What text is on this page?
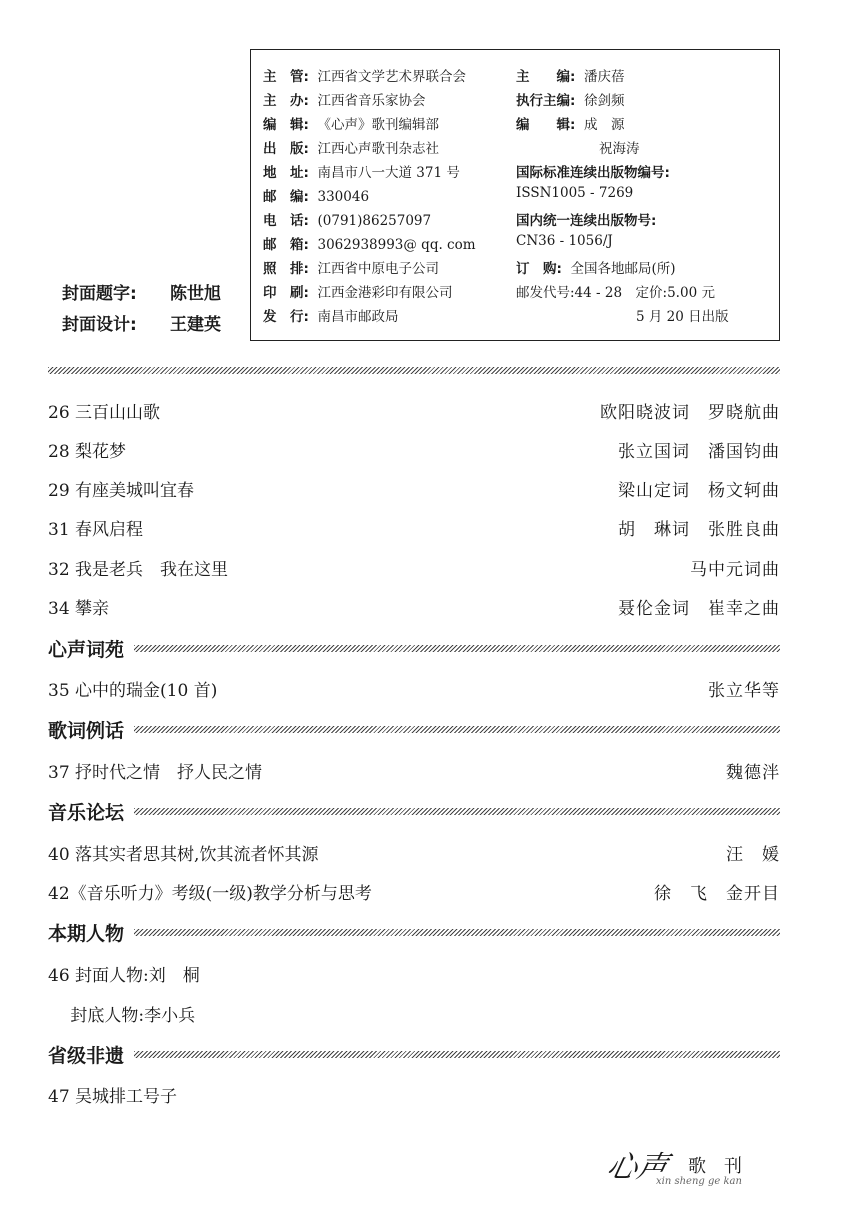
封面题字: 陈世旭
封面设计: 王建英
主　管: 江西省文学艺术界联合会
主　办: 江西省音乐家协会
编　辑: 《心声》歌刊编辑部
出　版: 江西心声歌刊杂志社
地　址: 南昌市八一大道 371 号
邮　编: 330046
电　话: (0791)86257097
邮　箱: 3062938993@ qq. com
照　排: 江西省中原电子公司
印　刷: 江西金港彩印有限公司
发　行: 南昌市邮政局
主　　编: 潘庆蓓
执行主编: 徐剑频
编　　辑: 成　源
祝海涛
国际标准连续出版物编号:
ISSN1005 - 7269
国内统一连续出版物号:
CN36 - 1056/J
订　购: 全国各地邮局(所)
邮发代号:44 - 28　定价:5.00 元
5 月 20 日出版
26 三百山山歌	欧阳晓波词　罗晓航曲
28 梨花梦	张立国词　潘国钧曲
29 有座美城叫宜春	梁山定词　杨文轲曲
31 春风启程	胡　琳词　张胜良曲
32 我是老兵　我在这里	马中元词曲
34 攀亲	聂伦金词　崔幸之曲
心声词苑
35 心中的瑞金(10 首)	张立华等
歌词例话
37 抒时代之情　抒人民之情	魏德泮
音乐论坛
40 落其实者思其树,饮其流者怀其源	汪　媛
42《音乐听力》考级(一级)教学分析与思考	徐　飞　金开目
本期人物
46 封面人物:刘　桐
　 封底人物:李小兵
省级非遗
47 吴城排工号子
心声 歌　刊
xin sheng ge kan
